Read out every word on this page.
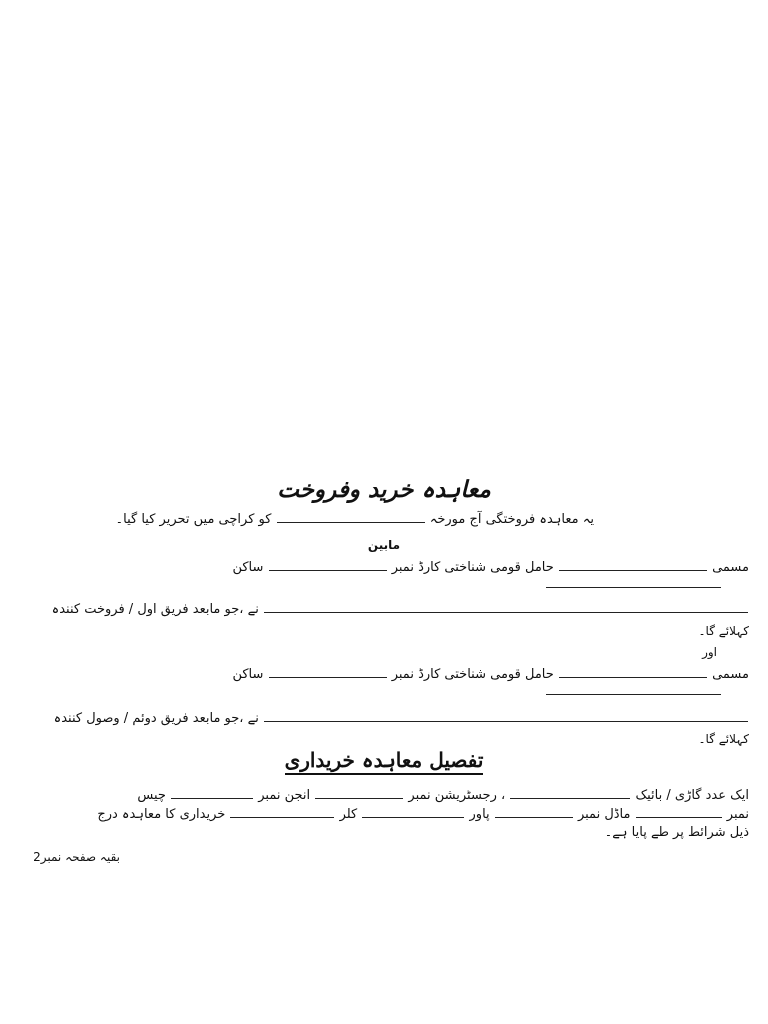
معاہدہ خرید وفروخت
یہ معاہدہ فروختگی آج مورخہ  کو کراچی میں تحریر کیا گیا۔
مابین
مسمی  حامل قومی شناختی کارڈ نمبر  ساکن
نے ،جو مابعد فریق اول / فروخت کنندہ
کہلائے گا۔
اور
مسمی  حامل قومی شناختی کارڈ نمبر  ساکن
نے ،جو مابعد فریق دوئم / وصول کنندہ
کہلائے گا۔
تفصیل معاہدہ خریداری
ایک عدد گاڑی / بائیک  ، رجسٹریشن نمبر  انجن نمبر  چیس
نمبر  ماڈل نمبر  پاور  کلر  خریداری کا معاہدہ درج
ذیل شرائط پر طے پایا ہے۔
بقیہ صفحہ نمبر2
